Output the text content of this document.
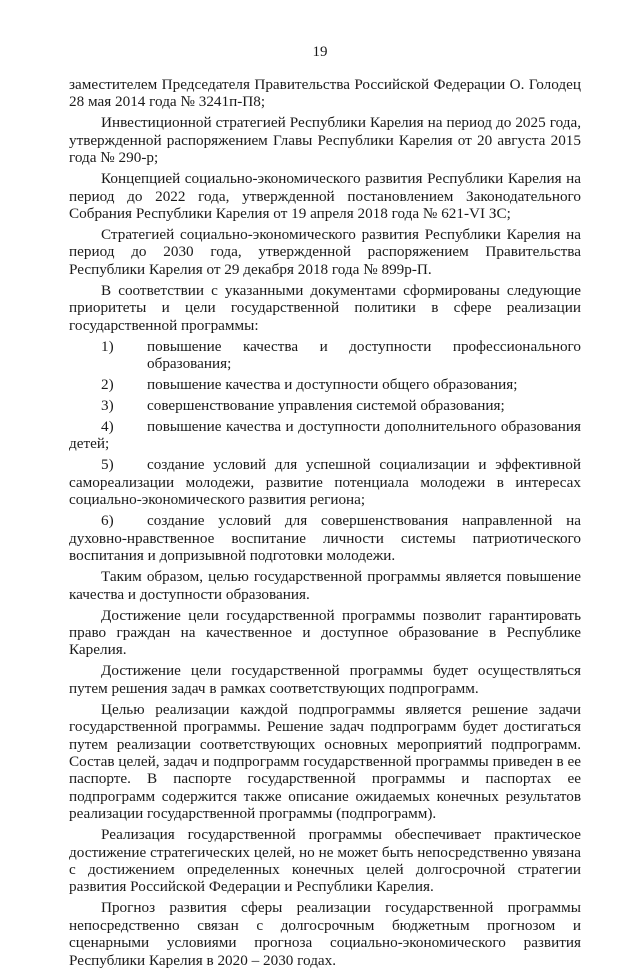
19

заместителем Председателя Правительства Российской Федерации О. Голодец 28 мая 2014 года № 3241п-П8;

Инвестиционной стратегией Республики Карелия на период до 2025 года, утвержденной распоряжением Главы Республики Карелия от 20 августа 2015 года № 290-р;

Концепцией социально-экономического развития Республики Карелия на период до 2022 года, утвержденной постановлением Законодательного Собрания Республики Карелия от 19 апреля 2018 года № 621-VI ЗС;

Стратегией социально-экономического развития Республики Карелия на период до 2030 года, утвержденной распоряжением Правительства Республики Карелия от 29 декабря 2018 года № 899р-П.

В соответствии с указанными документами сформированы следующие приоритеты и цели государственной политики в сфере реализации государственной программы:

1)	повышение качества и доступности профессионального образования;
2)	повышение качества и доступности общего образования;
3)	совершенствование управления системой образования;

4) повышение качества и доступности дополнительного образования детей;

5) создание условий для успешной социализации и эффективной самореализации молодежи, развитие потенциала молодежи в интересах социально-экономического развития региона;

6) создание условий для совершенствования направленной на духовно-нравственное воспитание личности системы патриотического воспитания и допризывной подготовки молодежи.

Таким образом, целью государственной программы является повышение качества и доступности образования.

Достижение цели государственной программы позволит гарантировать право граждан на качественное и доступное образование в Республике Карелия.

Достижение цели государственной программы будет осуществляться путем решения задач в рамках соответствующих подпрограмм.

Целью реализации каждой подпрограммы является решение задачи государственной программы. Решение задач подпрограмм будет достигаться путем реализации соответствующих основных мероприятий подпрограмм. Состав целей, задач и подпрограмм государственной программы приведен в ее паспорте. В паспорте государственной программы и паспортах ее подпрограмм содержится также описание ожидаемых конечных результатов реализации государственной программы (подпрограмм).

Реализация государственной программы обеспечивает практическое достижение стратегических целей, но не может быть непосредственно увязана с достижением определенных конечных целей долгосрочной стратегии развития Российской Федерации и Республики Карелия.

Прогноз развития сферы реализации государственной программы непосредственно связан с долгосрочным бюджетным прогнозом и сценарными условиями прогноза социально-экономического развития Республики Карелия в 2020 – 2030 годах.
